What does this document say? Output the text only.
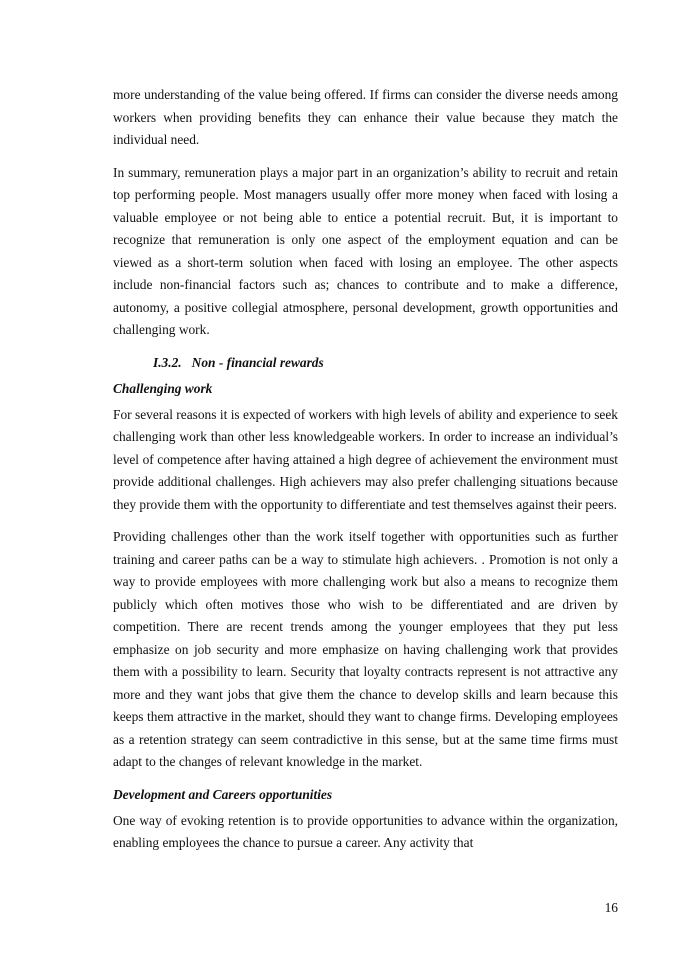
more understanding of the value being offered. If firms can consider the diverse needs among workers when providing benefits they can enhance their value because they match the individual need.

In summary, remuneration plays a major part in an organization’s ability to recruit and retain top performing people. Most managers usually offer more money when faced with losing a valuable employee or not being able to entice a potential recruit. But, it is important to recognize that remuneration is only one aspect of the employment equation and can be viewed as a short-term solution when faced with losing an employee. The other aspects include non-financial factors such as; chances to contribute and to make a difference, autonomy, a positive collegial atmosphere, personal development, growth opportunities and challenging work.

I.3.2. Non - financial rewards
Challenging work

For several reasons it is expected of workers with high levels of ability and experience to seek challenging work than other less knowledgeable workers. In order to increase an individual’s level of competence after having attained a high degree of achievement the environment must provide additional challenges. High achievers may also prefer challenging situations because they provide them with the opportunity to differentiate and test themselves against their peers.

Providing challenges other than the work itself together with opportunities such as further training and career paths can be a way to stimulate high achievers. . Promotion is not only a way to provide employees with more challenging work but also a means to recognize them publicly which often motives those who wish to be differentiated and are driven by competition. There are recent trends among the younger employees that they put less emphasize on job security and more emphasize on having challenging work that provides them with a possibility to learn. Security that loyalty contracts represent is not attractive any more and they want jobs that give them the chance to develop skills and learn because this keeps them attractive in the market, should they want to change firms. Developing employees as a retention strategy can seem contradictive in this sense, but at the same time firms must adapt to the changes of relevant knowledge in the market.

Development and Careers opportunities

One way of evoking retention is to provide opportunities to advance within the organization, enabling employees the chance to pursue a career. Any activity that

16
